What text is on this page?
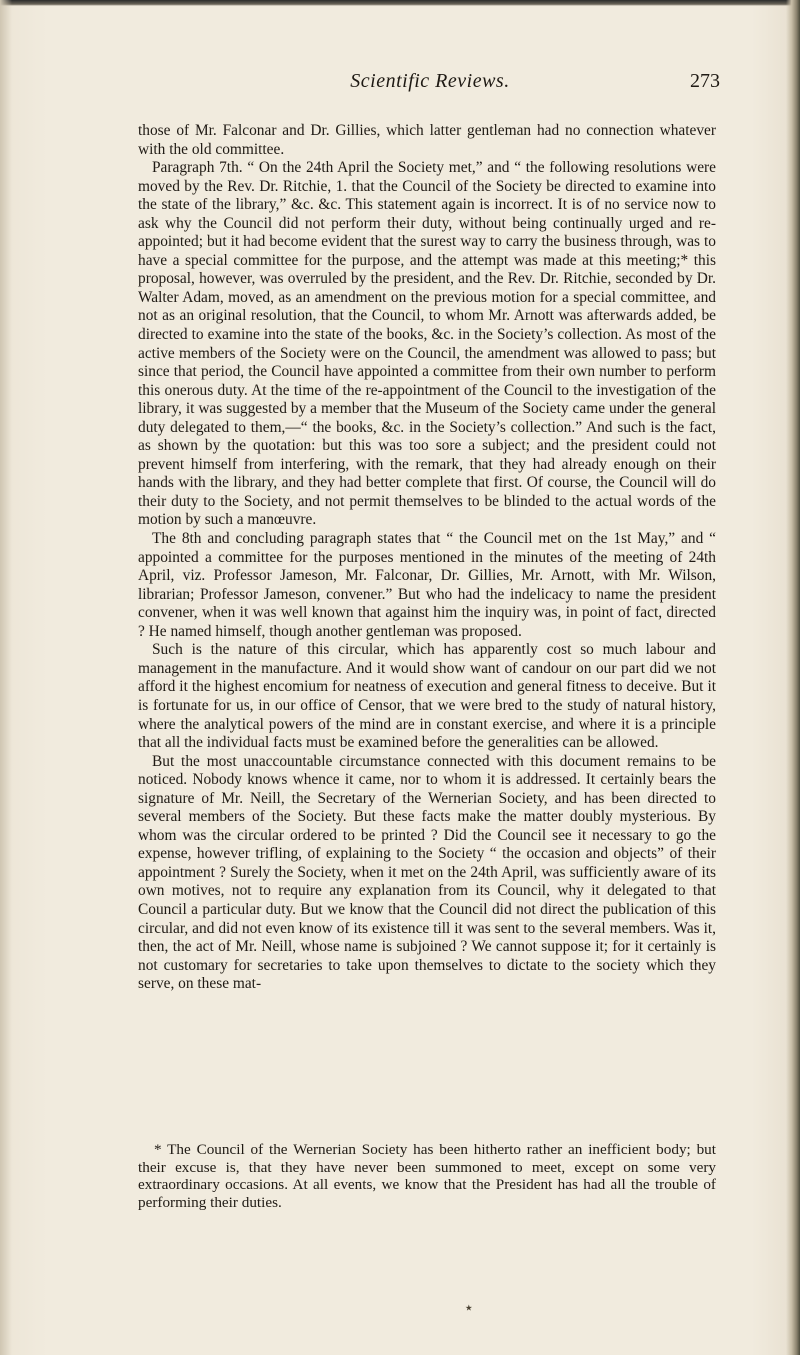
Scientific Reviews.	273

those of Mr. Falconar and Dr. Gillies, which latter gentleman had no connection whatever with the old committee.

Paragraph 7th. “ On the 24th April the Society met,” and “ the following resolutions were moved by the Rev. Dr. Ritchie, 1. that the Council of the Society be directed to examine into the state of the library,” &c. &c. This statement again is incorrect. It is of no service now to ask why the Council did not perform their duty, without being continually urged and re-appointed; but it had become evident that the surest way to carry the business through, was to have a special committee for the purpose, and the attempt was made at this meeting;* this proposal, however, was overruled by the president, and the Rev. Dr. Ritchie, seconded by Dr. Walter Adam, moved, as an amendment on the previous motion for a special committee, and not as an original resolution, that the Council, to whom Mr. Arnott was afterwards added, be directed to examine into the state of the books, &c. in the Society’s collection. As most of the active members of the Society were on the Council, the amendment was allowed to pass; but since that period, the Council have appointed a committee from their own number to perform this onerous duty. At the time of the re-appointment of the Council to the investigation of the library, it was suggested by a member that the Museum of the Society came under the general duty delegated to them,—“ the books, &c. in the Society’s collection.” And such is the fact, as shown by the quotation: but this was too sore a subject; and the president could not prevent himself from interfering, with the remark, that they had already enough on their hands with the library, and they had better complete that first. Of course, the Council will do their duty to the Society, and not permit themselves to be blinded to the actual words of the motion by such a manœuvre.

The 8th and concluding paragraph states that “ the Council met on the 1st May,” and “ appointed a committee for the purposes mentioned in the minutes of the meeting of 24th April, viz. Professor Jameson, Mr. Falconar, Dr. Gillies, Mr. Arnott, with Mr. Wilson, librarian; Professor Jameson, convener.” But who had the indelicacy to name the president convener, when it was well known that against him the inquiry was, in point of fact, directed ? He named himself, though another gentleman was proposed.

Such is the nature of this circular, which has apparently cost so much labour and management in the manufacture. And it would show want of candour on our part did we not afford it the highest encomium for neatness of execution and general fitness to deceive. But it is fortunate for us, in our office of Censor, that we were bred to the study of natural history, where the analytical powers of the mind are in constant exercise, and where it is a principle that all the individual facts must be examined before the generalities can be allowed.

But the most unaccountable circumstance connected with this document remains to be noticed. Nobody knows whence it came, nor to whom it is addressed. It certainly bears the signature of Mr. Neill, the Secretary of the Wernerian Society, and has been directed to several members of the Society. But these facts make the matter doubly mysterious. By whom was the circular ordered to be printed ? Did the Council see it necessary to go the expense, however trifling, of explaining to the Society “ the occasion and objects” of their appointment ? Surely the Society, when it met on the 24th April, was sufficiently aware of its own motives, not to require any explanation from its Council, why it delegated to that Council a particular duty. But we know that the Council did not direct the publication of this circular, and did not even know of its existence till it was sent to the several members. Was it, then, the act of Mr. Neill, whose name is subjoined ? We cannot suppose it; for it certainly is not customary for secretaries to take upon themselves to dictate to the society which they serve, on these mat-

* The Council of the Wernerian Society has been hitherto rather an inefficient body; but their excuse is, that they have never been summoned to meet, except on some very extraordinary occasions. At all events, we know that the President has had all the trouble of performing their duties.

٭
